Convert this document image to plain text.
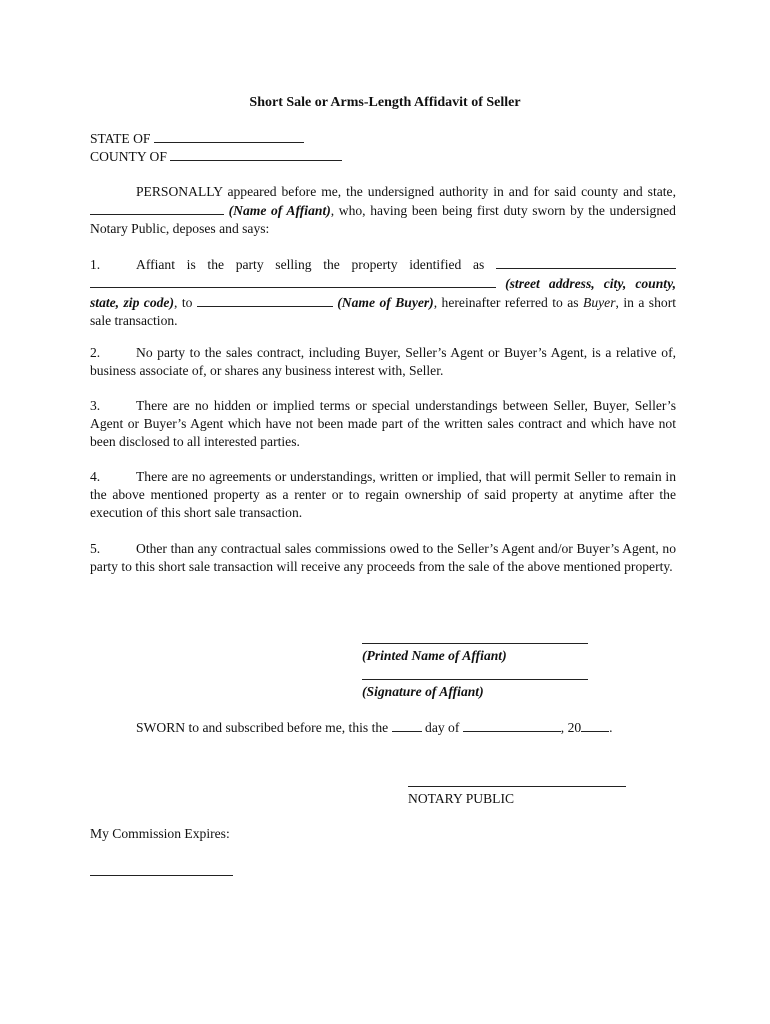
Short Sale or Arms-Length Affidavit of Seller
STATE OF
COUNTY OF
PERSONALLY appeared before me, the undersigned authority in and for said county and state,  (Name of Affiant), who, having been being first duty sworn by the undersigned Notary Public, deposes and says:
1.	Affiant is the party selling the property identified as   (street address, city, county, state, zip code), to	(Name of Buyer), hereinafter referred to as Buyer, in a short sale transaction.
2.	No party to the sales contract, including Buyer, Seller’s Agent or Buyer’s Agent, is a relative of, business associate of, or shares any business interest with, Seller.
3.	There are no hidden or implied terms or special understandings between Seller, Buyer, Seller’s Agent or Buyer’s Agent which have not been made part of the written sales contract and which have not been disclosed to all interested parties.
4.	There are no agreements or understandings, written or implied, that will permit Seller to remain in the above mentioned property as a renter or to regain ownership of said property at anytime after the execution of this short sale transaction.
5.	Other than any contractual sales commissions owed to the Seller’s Agent and/or Buyer’s Agent, no party to this short sale transaction will receive any proceeds from the sale of the above mentioned property.
(Printed Name of Affiant)
(Signature of Affiant)
SWORN to and subscribed before me, this the	day of	, 20 .
NOTARY PUBLIC
My Commission Expires:
